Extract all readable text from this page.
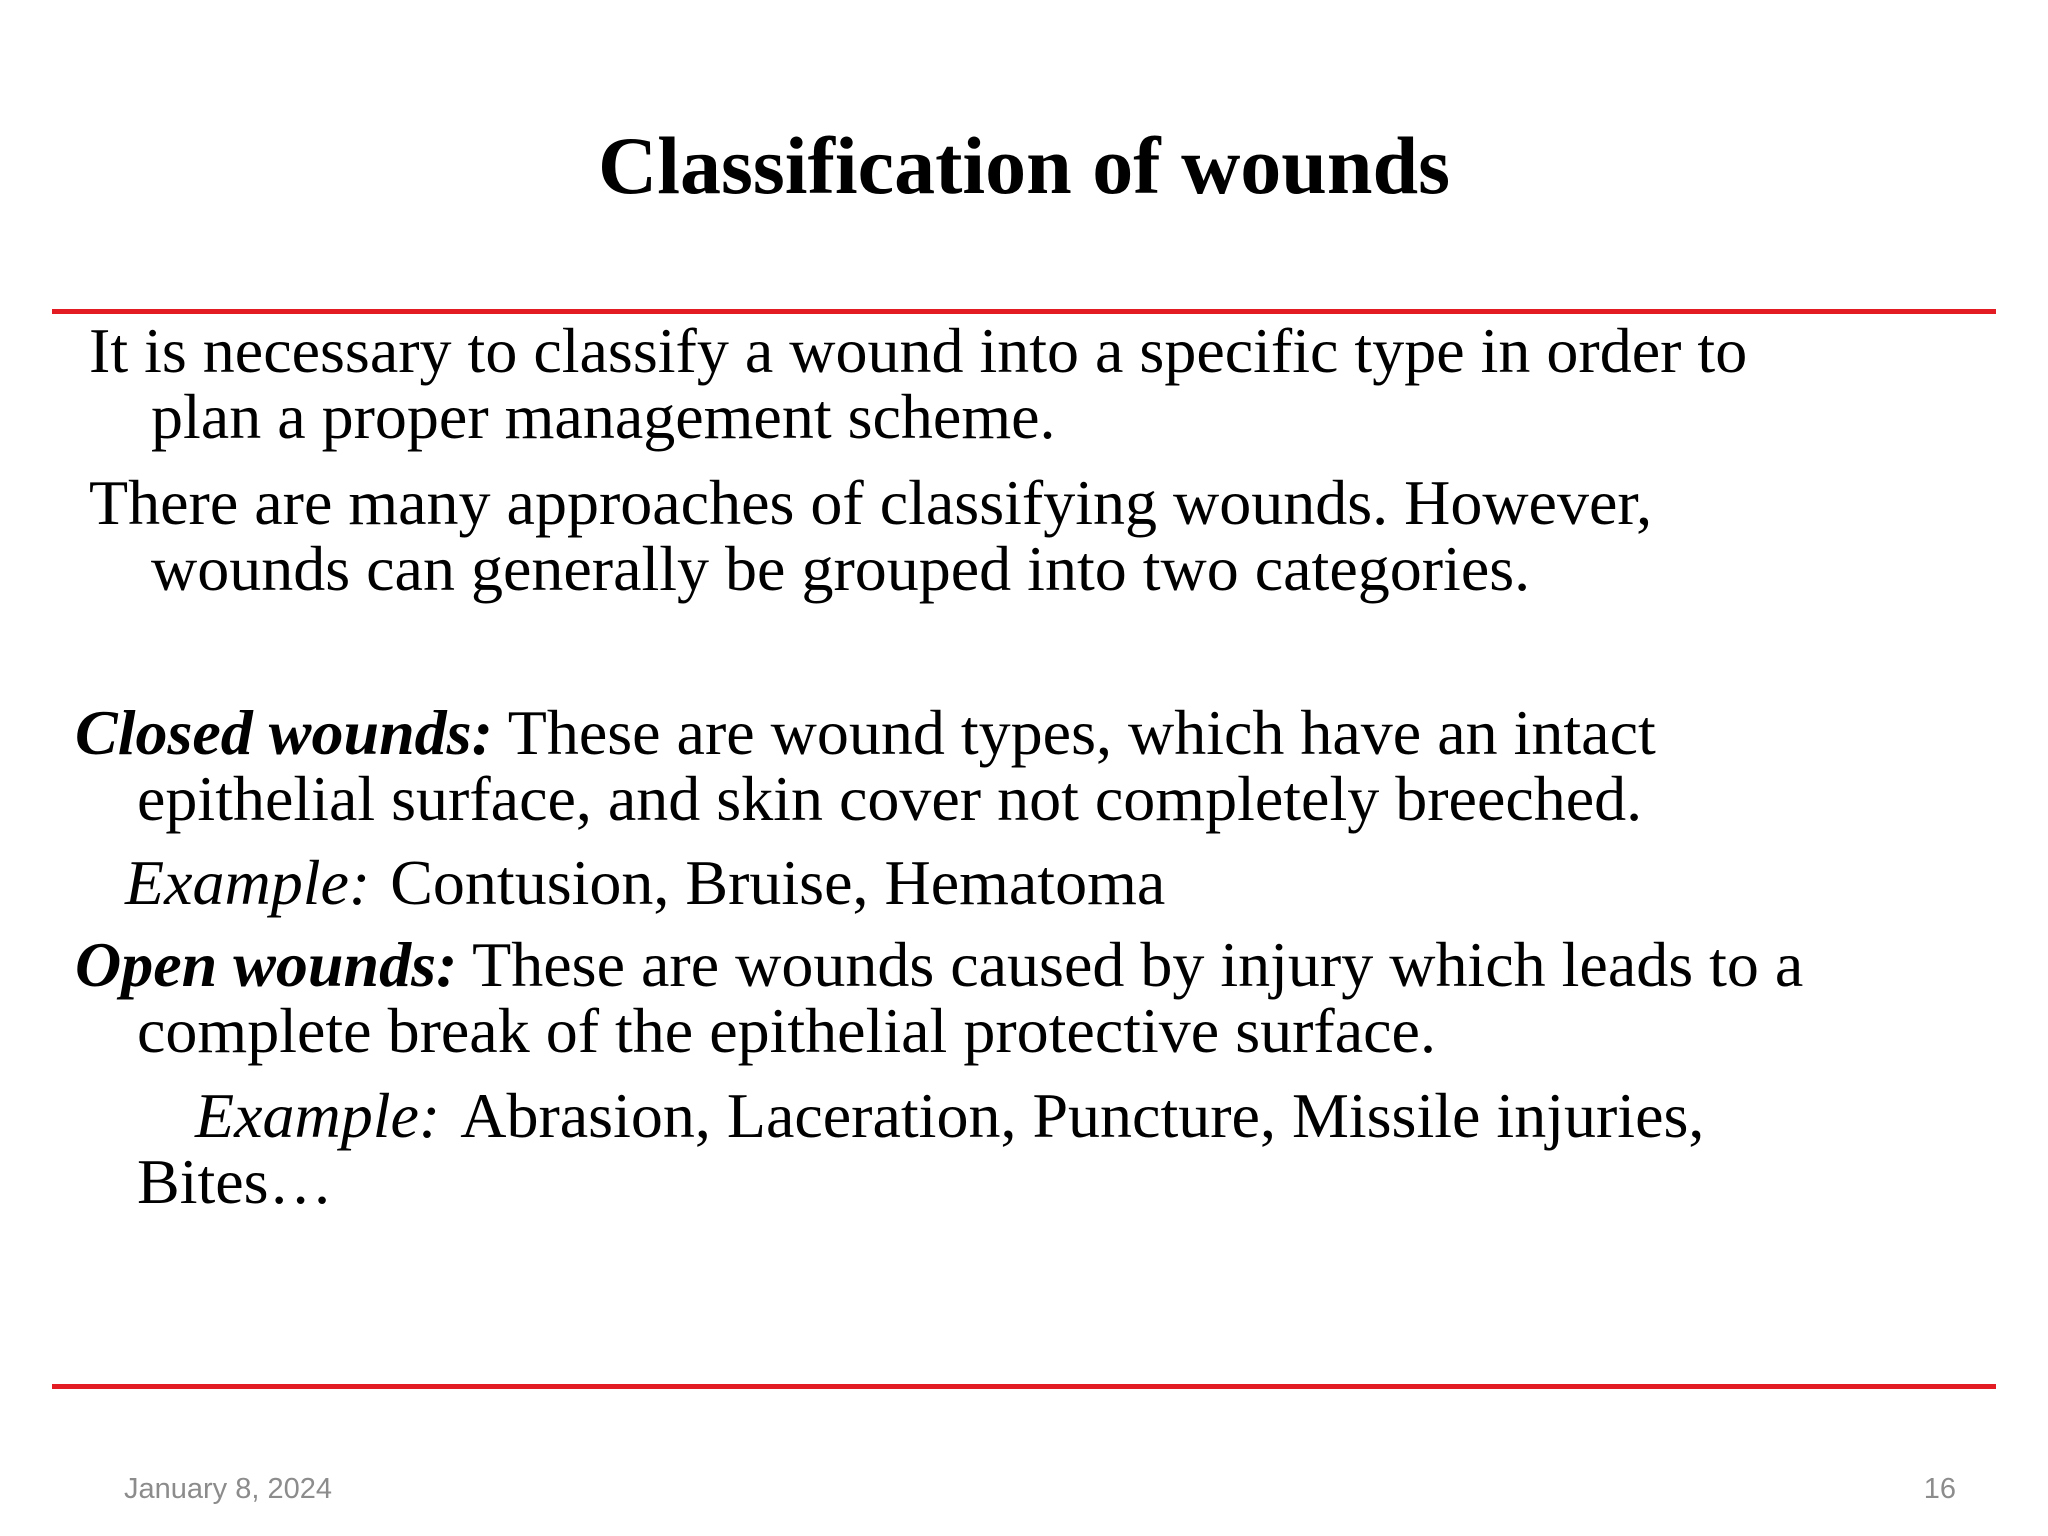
Classification of wounds
It is necessary to classify a wound into a specific type in order to
plan a proper management scheme.
There are many approaches of classifying wounds. However,
wounds can generally be grouped into two categories.
Closed wounds: These are wound types, which have an intact
epithelial surface, and skin cover not completely breeched.
Example: Contusion, Bruise, Hematoma
Open wounds: These are wounds caused by injury which leads to a
complete break of the epithelial protective surface.
Example: Abrasion, Laceration, Puncture, Missile injuries,
Bites…
January 8, 2024	16
